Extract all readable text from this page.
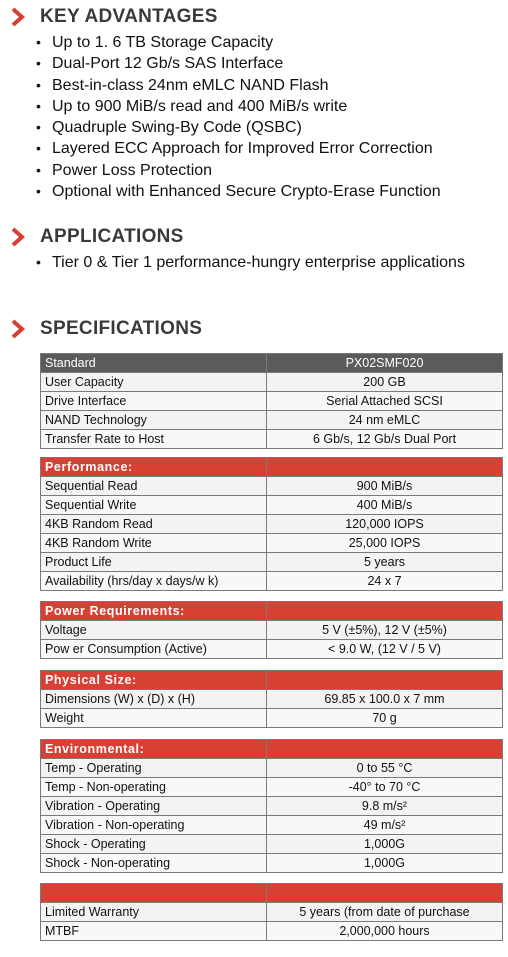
KEY ADVANTAGES
• Up to 1. 6 TB Storage Capacity
• Dual-Port 12 Gb/s SAS Interface
• Best-in-class 24nm eMLC NAND Flash
• Up to 900 MiB/s read and 400 MiB/s write
• Quadruple Swing-By Code (QSBC)
• Layered ECC Approach for Improved Error Correction
• Power Loss Protection
• Optional with Enhanced Secure Crypto-Erase Function
APPLICATIONS
• Tier 0 & Tier 1 performance-hungry enterprise applications
SPECIFICATIONS
Standard	PX02SMF020
User Capacity	200 GB
Drive Interface	Serial Attached SCSI
NAND Technology	24 nm eMLC
Transfer Rate to Host	6 Gb/s, 12 Gb/s Dual Port
Performance:	
Sequential Read	900 MiB/s
Sequential Write	400 MiB/s
4KB Random Read	120,000 IOPS
4KB Random Write	25,000 IOPS
Product Life	5 years
Availability (hrs/day x days/w k)	24 x 7
Power Requirements:	
Voltage	5 V (±5%), 12 V (±5%)
Pow er Consumption (Active)	< 9.0 W, (12 V / 5 V)
Physical Size:	
Dimensions (W) x (D) x (H)	69.85 x 100.0 x 7 mm
Weight	70 g
Environmental:	
Temp - Operating	0 to 55 °C
Temp - Non-operating	-40° to 70 °C
Vibration - Operating	9.8 m/s²
Vibration - Non-operating	49 m/s²
Shock - Operating	1,000G
Shock - Non-operating	1,000G

Limited Warranty	5 years (from date of purchase
MTBF	2,000,000 hours
